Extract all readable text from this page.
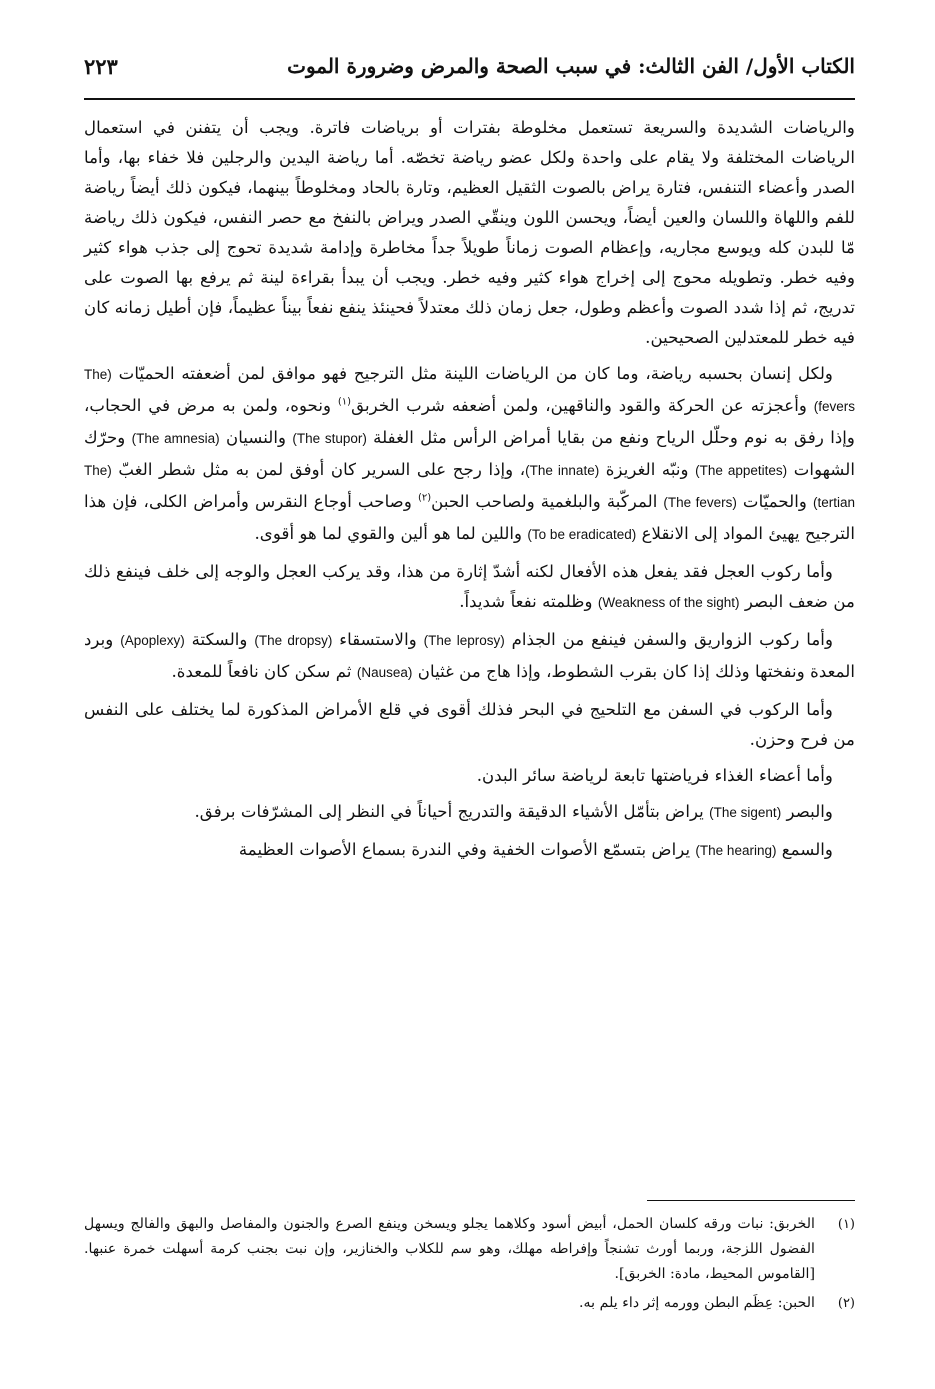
الكتاب الأول/ الفن الثالث: في سبب الصحة والمرض وضرورة الموت
٢٢٣

والرياضات الشديدة والسريعة تستعمل مخلوطة بفترات أو برياضات فاترة. ويجب أن يتفنن في استعمال الرياضات المختلفة ولا يقام على واحدة ولكل عضو رياضة تخصّه. أما رياضة اليدين والرجلين فلا خفاء بها، وأما الصدر وأعضاء التنفس، فتارة يراض بالصوت الثقيل العظيم، وتارة بالحاد ومخلوطاً بينهما، فيكون ذلك أيضاً رياضة للفم واللهاة واللسان والعين أيضاً، ويحسن اللون وينقّي الصدر ويراض بالنفخ مع حصر النفس، فيكون ذلك رياضة مّا للبدن كله ويوسع مجاريه، وإعظام الصوت زماناً طويلاً جداً مخاطرة وإدامة شديدة تحوج إلى جذب هواء كثير وفيه خطر. وتطويله محوج إلى إخراج هواء كثير وفيه خطر. ويجب أن يبدأ بقراءة لينة ثم يرفع بها الصوت على تدريج، ثم إذا شدد الصوت وأعظم وطول، جعل زمان ذلك معتدلاً فحينئذ ينفع نفعاً بيناً عظيماً، فإن أطيل زمانه كان فيه خطر للمعتدلين الصحيحين.

ولكل إنسان بحسبه رياضة، وما كان من الرياضات اللينة مثل الترجيح فهو موافق لمن أضعفته الحميّات (The fevers) وأعجزته عن الحركة والقود والناقهين، ولمن أضعفه شرب الخربق$^{(١)}$ ونحوه، ولمن به مرض في الحجاب، وإذا رفق به نوم وحلّل الرياح ونفع من بقايا أمراض الرأس مثل الغفلة (The stupor) والنسيان (The amnesia) وحرّك الشهوات (The appetites) ونبّه الغريزة (The innate)، وإذا رجح على السرير كان أوفق لمن به مثل شطر الغبّ (The tertian) والحميّات (The fevers) المركّبة والبلغمية ولصاحب الحبن$^{(٢)}$ وصاحب أوجاع النقرس وأمراض الكلى، فإن هذا الترجيح يهيئ المواد إلى الانقلاع (To be eradicated) واللين لما هو ألين والقوي لما هو أقوى.

وأما ركوب العجل فقد يفعل هذه الأفعال لكنه أشدّ إثارة من هذا، وقد يركب العجل والوجه إلى خلف فينفع ذلك من ضعف البصر (Weakness of the sight) وظلمته نفعاً شديداً.

وأما ركوب الزواريق والسفن فينفع من الجذام (The leprosy) والاستسقاء (The dropsy) والسكتة (Apoplexy) وبرد المعدة ونفختها وذلك إذا كان بقرب الشطوط، وإذا هاج من غثيان (Nausea) ثم سكن كان نافعاً للمعدة.

وأما الركوب في السفن مع التلحيج في البحر فذلك أقوى في قلع الأمراض المذكورة لما يختلف على النفس من فرح وحزن.

وأما أعضاء الغذاء فرياضتها تابعة لرياضة سائر البدن.

والبصر (The sigent) يراض بتأمّل الأشياء الدقيقة والتدريج أحياناً في النظر إلى المشرّفات برفق.

والسمع (The hearing) يراض بتسمّع الأصوات الخفية وفي الندرة بسماع الأصوات العظيمة

(١)
الخربق: نبات ورقه كلسان الحمل، أبيض أسود وكلاهما يجلو ويسخن وينفع الصرع والجنون والمفاصل والبهق والفالج ويسهل الفضول اللزجة، وربما أورث تشنجاً وإفراطه مهلك، وهو سم للكلاب والخنازير، وإن نبت بجنب كرمة أسهلت خمرة عنبها. [القاموس المحيط، مادة: الخربق].
(٢)
الحبن: عِظَم البطن وورمه إثر داء يلم به.
